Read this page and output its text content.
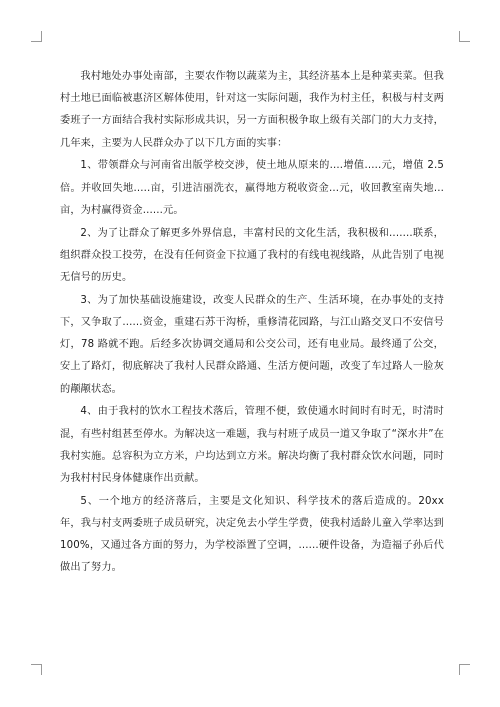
我村地处办事处南部，主要农作物以蔬菜为主，其经济基本上是种菜卖菜。但我村土地已面临被惠济区解体使用，针对这一实际问题，我作为村主任，积极与村支两委班子一方面结合我村实际形成共识，另一方面积极争取上级有关部门的大力支持，几年来，主要为人民群众办了以下几方面的实事：

1、带领群众与河南省出版学校交涉，使土地从原来的....增值.....元，增值 2.5 倍。并收回失地.....亩，引进洁丽洗衣，赢得地方税收资金...元，收回教室南失地...亩，为村赢得资金......元。

2、为了让群众了解更多外界信息，丰富村民的文化生活，我积极和.......联系，组织群众投工投劳，在没有任何资金下拉通了我村的有线电视线路，从此告别了电视无信号的历史。

3、为了加快基础设施建设，改变人民群众的生产、生活环境，在办事处的支持下，又争取了......资金，重建石苏干沟桥，重修清花园路，与江山路交叉口不安信号灯，78 路就不跑。后经多次协调交通局和公交公司，还有电业局。最终通了公交，安上了路灯，彻底解决了我村人民群众路通、生活方便问题，改变了车过路人一脸灰的颟颟状态。

4、由于我村的饮水工程技术落后，管理不便，致使通水时间时有时无，时清时混，有些村组甚至停水。为解决这一难题，我与村班子成员一道又争取了“深水井”在我村实施。总容积为立方米，户均达到立方米。解决均衡了我村群众饮水问题，同时为我村村民身体健康作出贡献。

5、一个地方的经济落后，主要是文化知识、科学技术的落后造成的。20xx 年，我与村支两委班子成员研究，决定免去小学生学费，使我村适龄儿童入学率达到 100%，又通过各方面的努力，为学校添置了空调，......硬件设备，为造福子孙后代做出了努力。
